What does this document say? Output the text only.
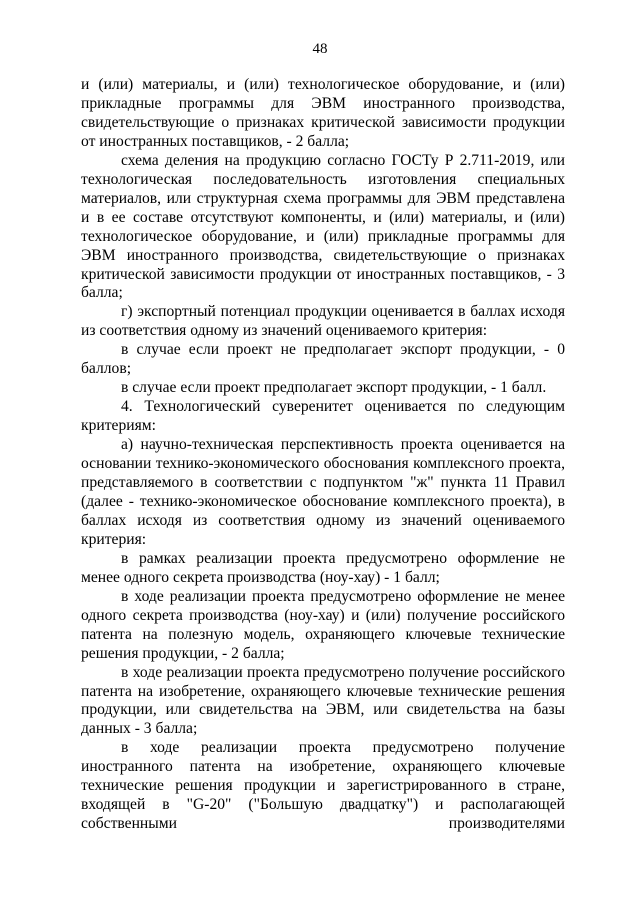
48

и (или) материалы, и (или) технологическое оборудование, и (или) прикладные программы для ЭВМ иностранного производства, свидетельствующие о признаках критической зависимости продукции от иностранных поставщиков, - 2 балла;

схема деления на продукцию согласно ГОСТу Р 2.711-2019, или технологическая последовательность изготовления специальных материалов, или структурная схема программы для ЭВМ представлена и в ее составе отсутствуют компоненты, и (или) материалы, и (или) технологическое оборудование, и (или) прикладные программы для ЭВМ иностранного производства, свидетельствующие о признаках критической зависимости продукции от иностранных поставщиков, - 3 балла;

г) экспортный потенциал продукции оценивается в баллах исходя из соответствия одному из значений оцениваемого критерия:

в случае если проект не предполагает экспорт продукции, - 0 баллов;

в случае если проект предполагает экспорт продукции, - 1 балл.

4. Технологический суверенитет оценивается по следующим критериям:

а) научно-техническая перспективность проекта оценивается на основании технико-экономического обоснования комплексного проекта, представляемого в соответствии с подпунктом "ж" пункта 11 Правил (далее - технико-экономическое обоснование комплексного проекта), в баллах исходя из соответствия одному из значений оцениваемого критерия:

в рамках реализации проекта предусмотрено оформление не менее одного секрета производства (ноу-хау) - 1 балл;

в ходе реализации проекта предусмотрено оформление не менее одного секрета производства (ноу-хау) и (или) получение российского патента на полезную модель, охраняющего ключевые технические решения продукции, - 2 балла;

в ходе реализации проекта предусмотрено получение российского патента на изобретение, охраняющего ключевые технические решения продукции, или свидетельства на ЭВМ, или свидетельства на базы данных - 3 балла;

в ходе реализации проекта предусмотрено получение иностранного патента на изобретение, охраняющего ключевые технические решения продукции и зарегистрированного в стране, входящей в "G-20" ("Большую двадцатку") и располагающей собственными производителями
